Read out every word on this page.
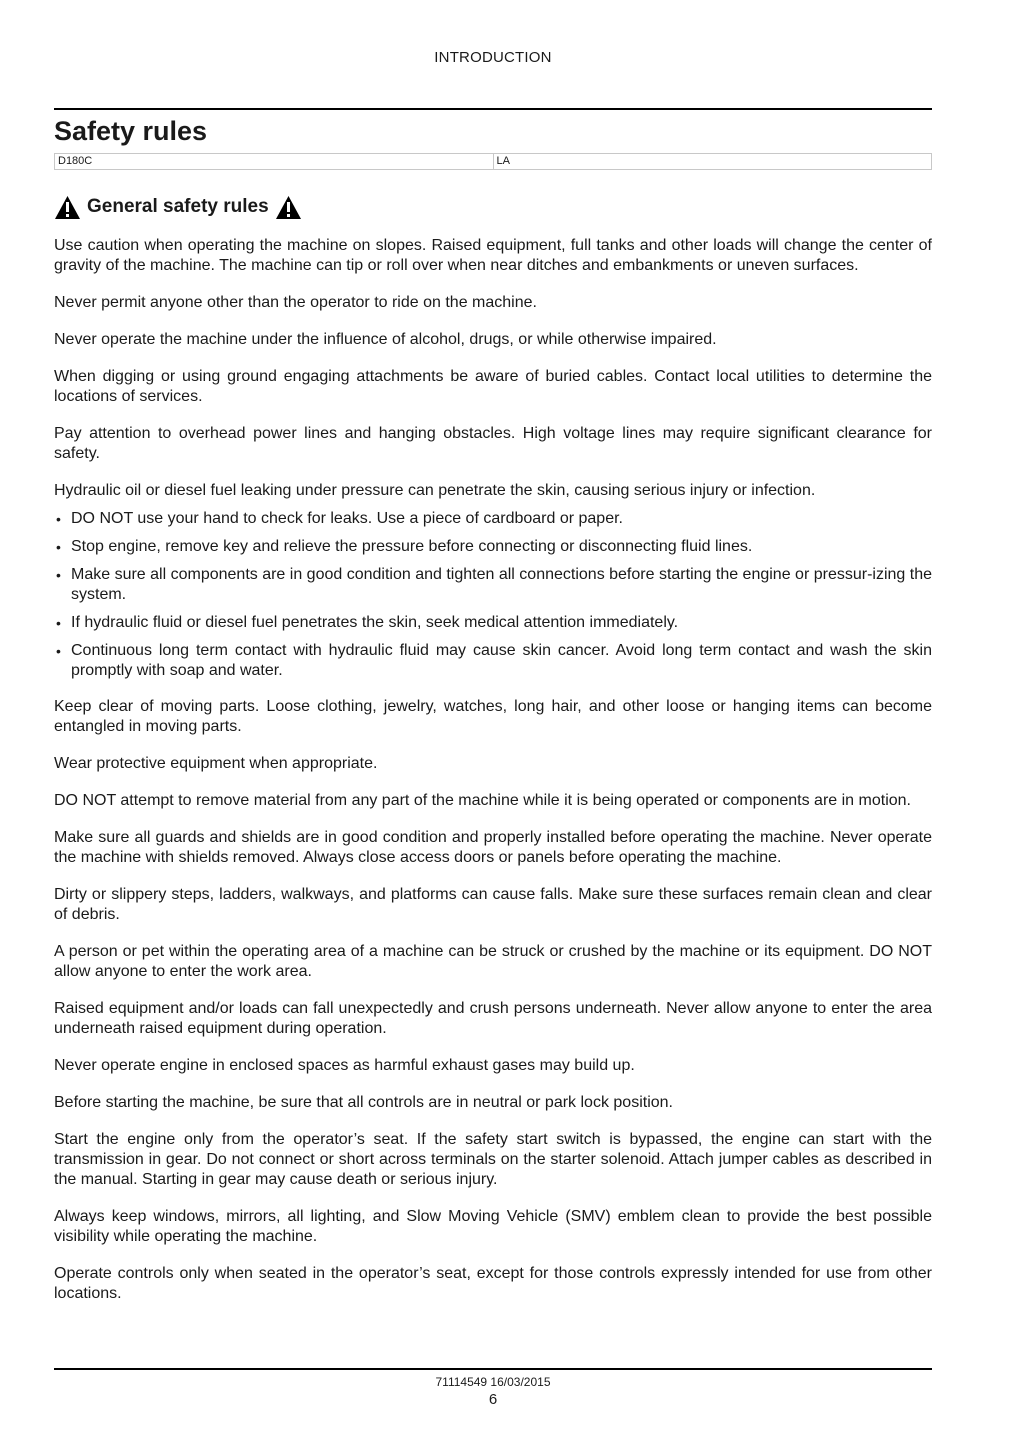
INTRODUCTION
Safety rules
D180C	LA
General safety rules

Use caution when operating the machine on slopes. Raised equipment, full tanks and other loads will change the center of gravity of the machine. The machine can tip or roll over when near ditches and embankments or uneven surfaces.

Never permit anyone other than the operator to ride on the machine.

Never operate the machine under the influence of alcohol, drugs, or while otherwise impaired.

When digging or using ground engaging attachments be aware of buried cables. Contact local utilities to determine the locations of services.

Pay attention to overhead power lines and hanging obstacles. High voltage lines may require significant clearance for safety.

Hydraulic oil or diesel fuel leaking under pressure can penetrate the skin, causing serious injury or infection.

• DO NOT use your hand to check for leaks. Use a piece of cardboard or paper.
• Stop engine, remove key and relieve the pressure before connecting or disconnecting fluid lines.
• Make sure all components are in good condition and tighten all connections before starting the engine or pressur-izing the system.
• If hydraulic fluid or diesel fuel penetrates the skin, seek medical attention immediately.
• Continuous long term contact with hydraulic fluid may cause skin cancer. Avoid long term contact and wash the skin promptly with soap and water.

Keep clear of moving parts. Loose clothing, jewelry, watches, long hair, and other loose or hanging items can become entangled in moving parts.

Wear protective equipment when appropriate.

DO NOT attempt to remove material from any part of the machine while it is being operated or components are in motion.

Make sure all guards and shields are in good condition and properly installed before operating the machine. Never operate the machine with shields removed. Always close access doors or panels before operating the machine.

Dirty or slippery steps, ladders, walkways, and platforms can cause falls. Make sure these surfaces remain clean and clear of debris.

A person or pet within the operating area of a machine can be struck or crushed by the machine or its equipment. DO NOT allow anyone to enter the work area.

Raised equipment and/or loads can fall unexpectedly and crush persons underneath. Never allow anyone to enter the area underneath raised equipment during operation.

Never operate engine in enclosed spaces as harmful exhaust gases may build up.

Before starting the machine, be sure that all controls are in neutral or park lock position.

Start the engine only from the operator’s seat. If the safety start switch is bypassed, the engine can start with the transmission in gear. Do not connect or short across terminals on the starter solenoid. Attach jumper cables as described in the manual. Starting in gear may cause death or serious injury.

Always keep windows, mirrors, all lighting, and Slow Moving Vehicle (SMV) emblem clean to provide the best possible visibility while operating the machine.

Operate controls only when seated in the operator’s seat, except for those controls expressly intended for use from other locations.

71114549 16/03/2015
6
